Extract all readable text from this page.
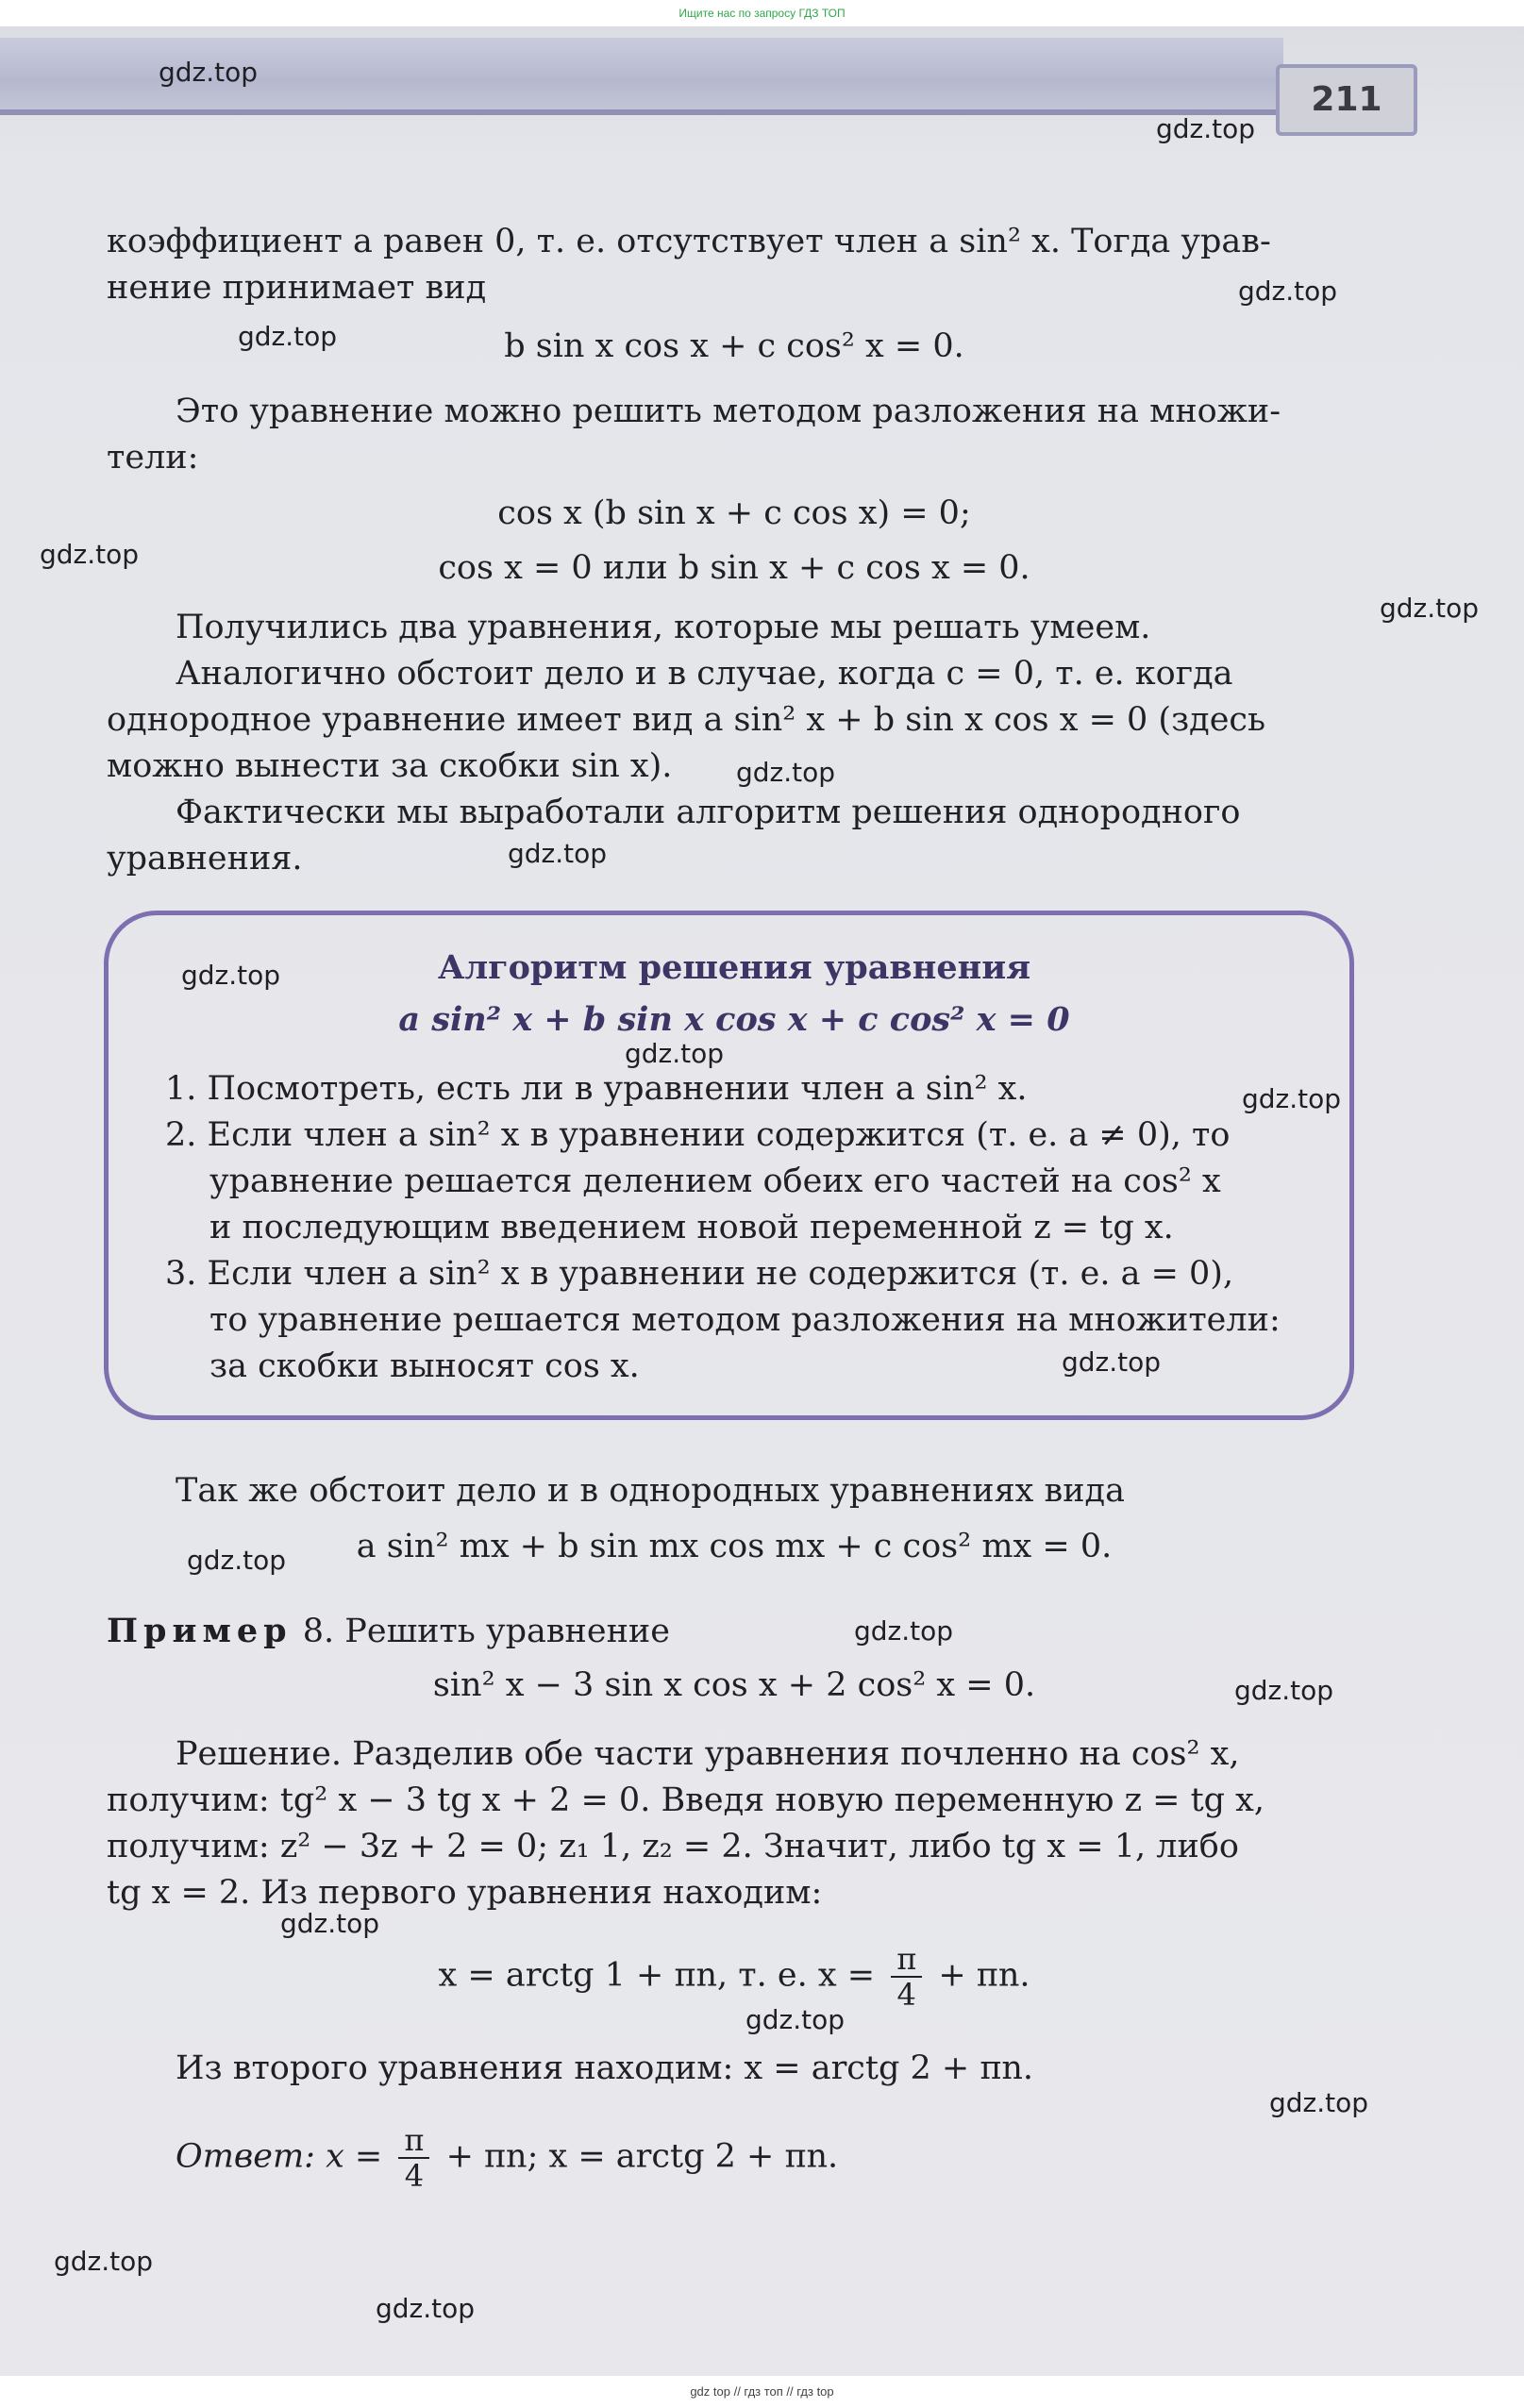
Ищите нас по запросу ГДЗ ТОП
211
gdz.top
gdz.top
gdz.top
gdz.top
gdz.top
gdz.top
gdz.top
gdz.top
gdz.top
gdz.top
gdz.top
gdz.top
gdz.top
gdz.top
gdz.top
gdz.top
gdz.top
gdz.top
gdz.top
gdz.top
коэффициент a равен 0, т. е. отсутствует член a sin² x. Тогда урав-
нение принимает вид
b sin x cos x + c cos² x = 0.
Это уравнение можно решить методом разложения на множи-
тели:
cos x (b sin x + c cos x) = 0;
cos x = 0 или b sin x + c cos x = 0.
Получились два уравнения, которые мы решать умеем.
Аналогично обстоит дело и в случае, когда c = 0, т. е. когда
однородное уравнение имеет вид a sin² x + b sin x cos x = 0 (здесь
можно вынести за скобки sin x).
Фактически мы выработали алгоритм решения однородного
уравнения.
Алгоритм решения уравнения
a sin² x + b sin x cos x + c cos² x = 0
1. Посмотреть, есть ли в уравнении член a sin² x.
2. Если член a sin² x в уравнении содержится (т. е. a ≠ 0), то
уравнение решается делением обеих его частей на cos² x
и последующим введением новой переменной z = tg x.
3. Если член a sin² x в уравнении не содержится (т. е. a = 0),
то уравнение решается методом разложения на множители:
за скобки выносят cos x.
Так же обстоит дело и в однородных уравнениях вида
a sin² mx + b sin mx cos mx + c cos² mx = 0.
Пример 8. Решить уравнение
sin² x − 3 sin x cos x + 2 cos² x = 0.
Решение. Разделив обе части уравнения почленно на cos² x,
получим: tg² x − 3 tg x + 2 = 0. Введя новую переменную z = tg x,
получим: z² − 3z + 2 = 0; z₁ 1, z₂ = 2. Значит, либо tg x = 1, либо
tg x = 2. Из первого уравнения находим:
x = arctg 1 + πn, т. е. $x = \frac{\pi}{4} + \pi n$.
Из второго уравнения находим: x = arctg 2 + πn.
Ответ: $x = \frac{\pi}{4} + \pi n$; x = arctg 2 + πn.
gdz top // гдз топ // гдз top
